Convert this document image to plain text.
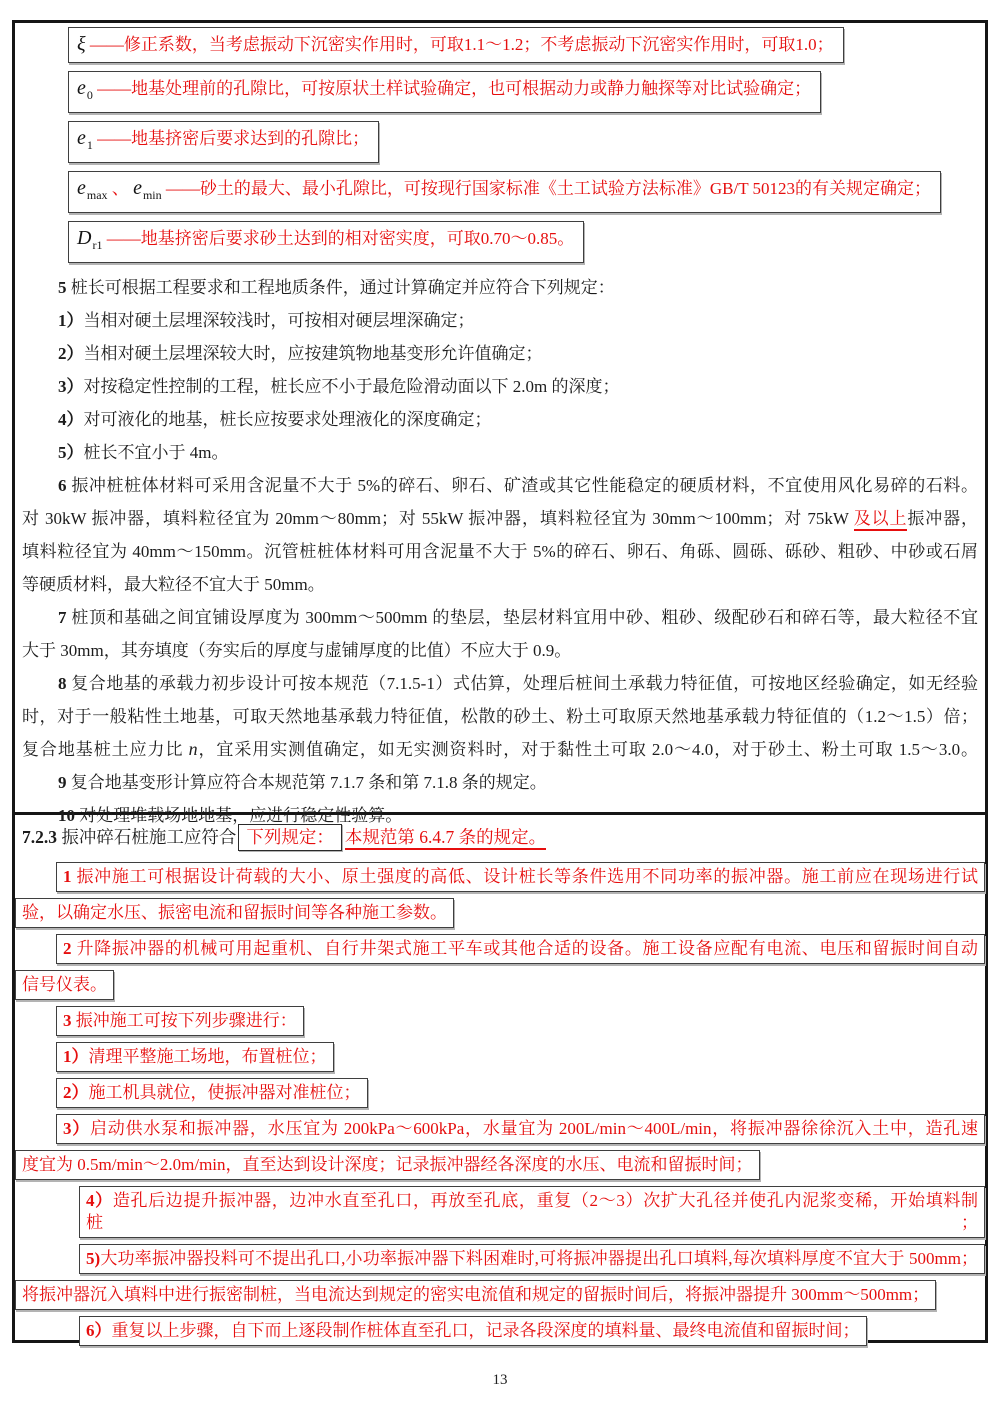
ξ ——修正系数，当考虑振动下沉密实作用时，可取1.1～1.2；不考虑振动下沉密实作用时，可取1.0；
$e_0$ ——地基处理前的孔隙比，可按原状土样试验确定，也可根据动力或静力触探等对比试验确定；
$e_1$ ——地基挤密后要求达到的孔隙比；
$e_{max}$ 、 $e_{min}$ ——砂土的最大、最小孔隙比，可按现行国家标准《土工试验方法标准》GB/T 50123的有关规定确定；
$D_{r1}$ ——地基挤密后要求砂土达到的相对密实度，可取0.70～0.85。
5 桩长可根据工程要求和工程地质条件，通过计算确定并应符合下列规定：
1）当相对硬土层埋深较浅时，可按相对硬层埋深确定；
2）当相对硬土层埋深较大时，应按建筑物地基变形允许值确定；
3）对按稳定性控制的工程，桩长应不小于最危险滑动面以下 2.0m 的深度；
4）对可液化的地基，桩长应按要求处理液化的深度确定；
5）桩长不宜小于 4m。
6 振冲桩桩体材料可采用含泥量不大于 5%的碎石、卵石、矿渣或其它性能稳定的硬质材料，不宜使用风化易碎的石料。
对 30kW 振冲器，填料粒径宜为 20mm～80mm；对 55kW 振冲器，填料粒径宜为 30mm～100mm；对 75kW 及以上振冲器，
填料粒径宜为 40mm～150mm。沉管桩桩体材料可用含泥量不大于 5%的碎石、卵石、角砾、圆砾、砾砂、粗砂、中砂或石屑
等硬质材料，最大粒径不宜大于 50mm。
7 桩顶和基础之间宜铺设厚度为 300mm～500mm 的垫层，垫层材料宜用中砂、粗砂、级配砂石和碎石等，最大粒径不宜
大于 30mm，其夯填度（夯实后的厚度与虚铺厚度的比值）不应大于 0.9。
8 复合地基的承载力初步设计可按本规范（7.1.5-1）式估算，处理后桩间土承载力特征值，可按地区经验确定，如无经验
时，对于一般粘性土地基，可取天然地基承载力特征值，松散的砂土、粉土可取原天然地基承载力特征值的（1.2～1.5）倍；
复合地基桩土应力比 n，宜采用实测值确定，如无实测资料时，对于黏性土可取 2.0～4.0，对于砂土、粉土可取 1.5～3.0。
9 复合地基变形计算应符合本规范第 7.1.7 条和第 7.1.8 条的规定。
10 对处理堆载场地地基，应进行稳定性验算。
7.2.3 振冲碎石桩施工应符合 下列规定： 本规范第 6.4.7 条的规定。
1 振冲施工可根据设计荷载的大小、原土强度的高低、设计桩长等条件选用不同功率的振冲器。施工前应在现场进行试
验，以确定水压、振密电流和留振时间等各种施工参数。
2 升降振冲器的机械可用起重机、自行井架式施工平车或其他合适的设备。施工设备应配有电流、电压和留振时间自动
信号仪表。
3 振冲施工可按下列步骤进行：
1）清理平整施工场地，布置桩位；
2）施工机具就位，使振冲器对准桩位；
3）启动供水泵和振冲器，水压宜为 200kPa～600kPa，水量宜为 200L/min～400L/min，将振冲器徐徐沉入土中，造孔速
度宜为 0.5m/min～2.0m/min，直至达到设计深度；记录振冲器经各深度的水压、电流和留振时间；
4）造孔后边提升振冲器，边冲水直至孔口，再放至孔底，重复（2～3）次扩大孔径并使孔内泥浆变稀，开始填料制桩；
5)大功率振冲器投料可不提出孔口,小功率振冲器下料困难时,可将振冲器提出孔口填料,每次填料厚度不宜大于 500mm；
将振冲器沉入填料中进行振密制桩，当电流达到规定的密实电流值和规定的留振时间后，将振冲器提升 300mm～500mm；
6）重复以上步骤，自下而上逐段制作桩体直至孔口，记录各段深度的填料量、最终电流值和留振时间；
13
